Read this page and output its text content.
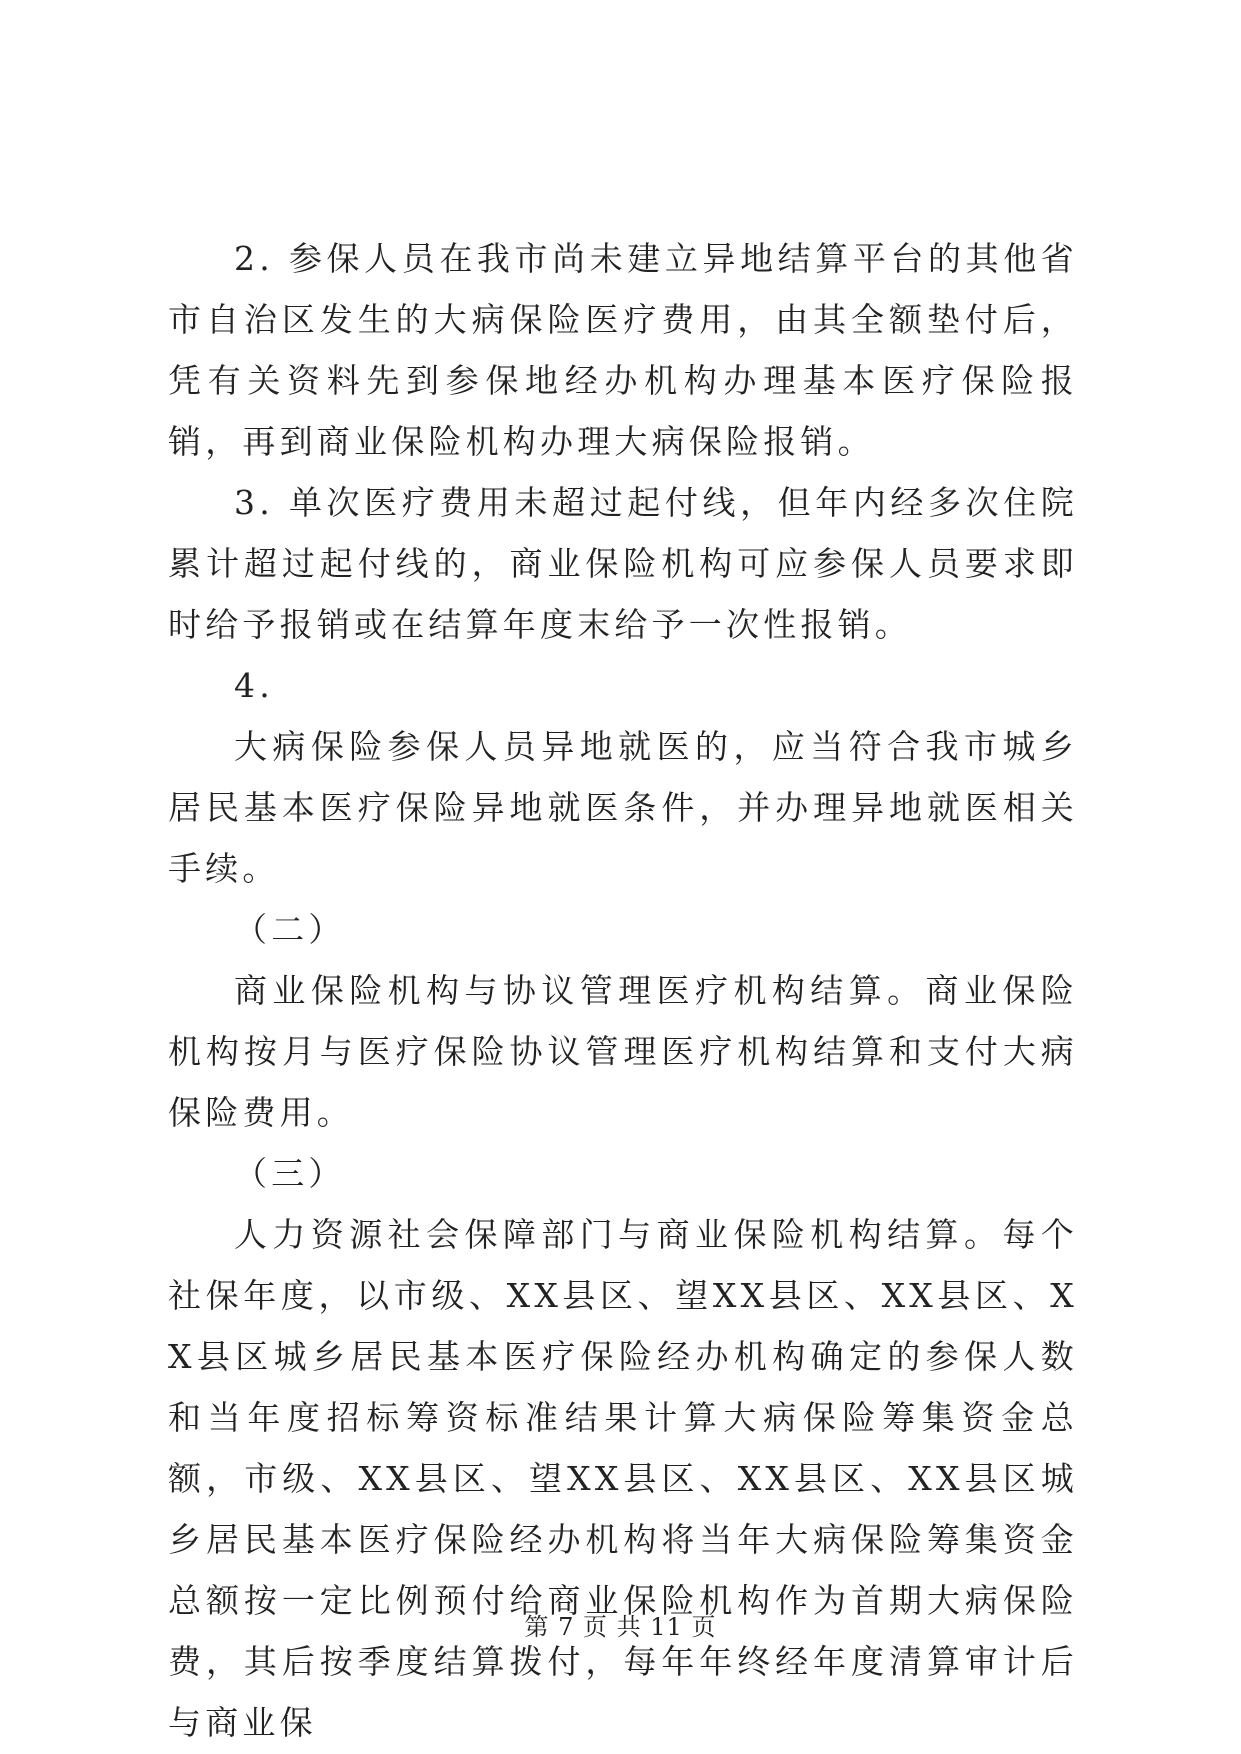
2. 参保人员在我市尚未建立异地结算平台的其他省市自治区发生的大病保险医疗费用，由其全额垫付后，凭有关资料先到参保地经办机构办理基本医疗保险报销，再到商业保险机构办理大病保险报销。

3. 单次医疗费用未超过起付线，但年内经多次住院累计超过起付线的，商业保险机构可应参保人员要求即时给予报销或在结算年度末给予一次性报销。

4.

大病保险参保人员异地就医的，应当符合我市城乡居民基本医疗保险异地就医条件，并办理异地就医相关手续。

（二）

商业保险机构与协议管理医疗机构结算。商业保险机构按月与医疗保险协议管理医疗机构结算和支付大病保险费用。

（三）

人力资源社会保障部门与商业保险机构结算。每个社保年度，以市级、XX县区、望XX县区、XX县区、XX县区城乡居民基本医疗保险经办机构确定的参保人数和当年度招标筹资标准结果计算大病保险筹集资金总额，市级、XX县区、望XX县区、XX县区、XX县区城乡居民基本医疗保险经办机构将当年大病保险筹集资金总额按一定比例预付给商业保险机构作为首期大病保险费，其后按季度结算拨付，每年年终经年度清算审计后与商业保

第 7 页 共 11 页
